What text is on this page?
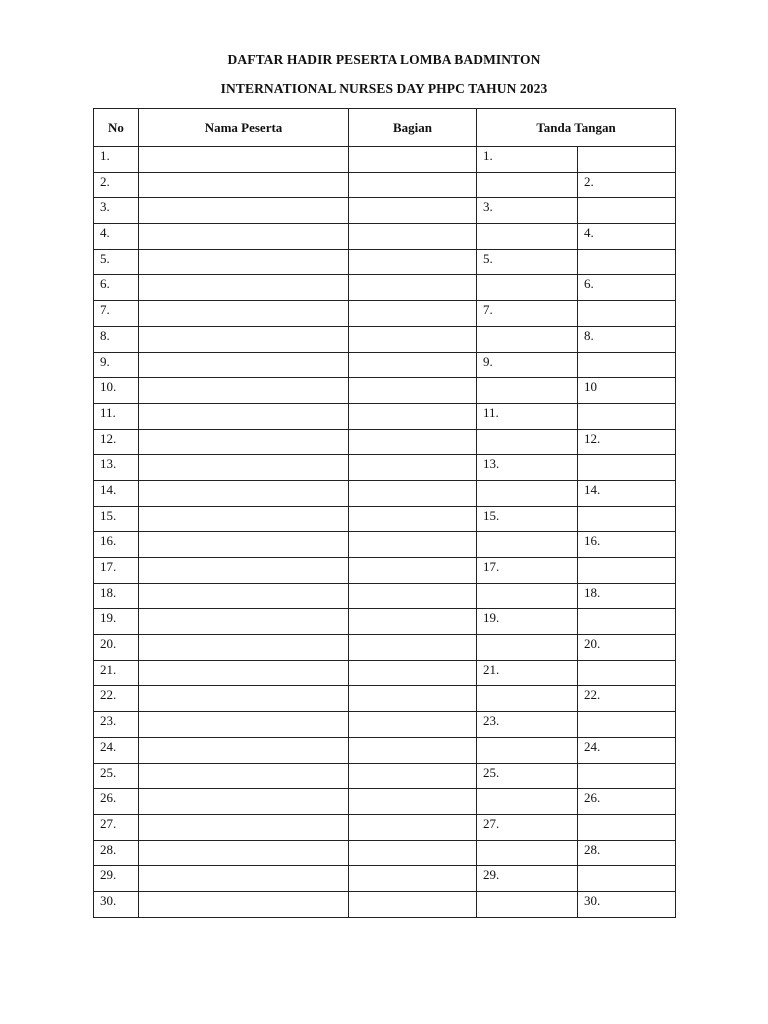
DAFTAR HADIR PESERTA LOMBA BADMINTON
INTERNATIONAL NURSES DAY PHPC TAHUN 2023
No	Nama Peserta	Bagian	Tanda Tangan	
1.			1.	
2.				2.
3.			3.	
4.				4.
5.			5.	
6.				6.
7.			7.	
8.				8.
9.			9.	
10.				10
11.			11.	
12.				12.
13.			13.	
14.				14.
15.			15.	
16.				16.
17.			17.	
18.				18.
19.			19.	
20.				20.
21.			21.	
22.				22.
23.			23.	
24.				24.
25.			25.	
26.				26.
27.			27.	
28.				28.
29.			29.	
30.				30.
